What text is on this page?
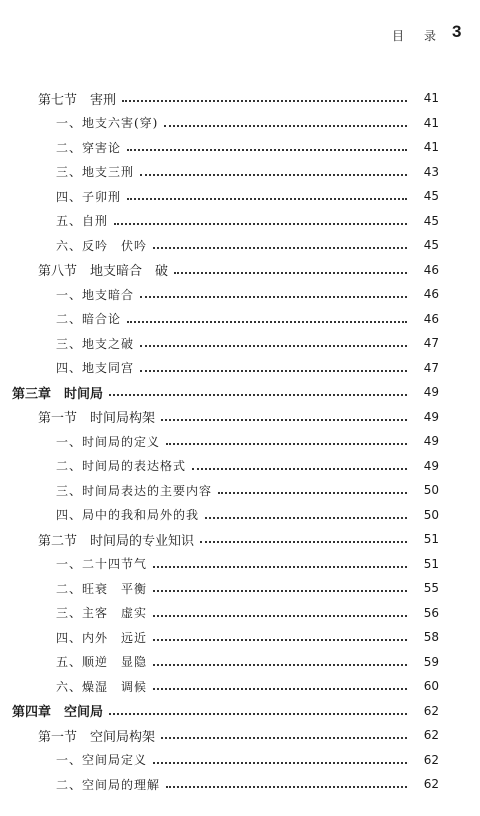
目录
3
第七节　害刑	41
一、地支六害(穿)	41
二、穿害论	41
三、地支三刑	43
四、子卯刑	45
五、自刑	45
六、反吟　伏吟	45
第八节　地支暗合　破	46
一、地支暗合	46
二、暗合论	46
三、地支之破	47
四、地支同宫	47
第三章　时间局	49
第一节　时间局构架	49
一、时间局的定义	49
二、时间局的表达格式	49
三、时间局表达的主要内容	50
四、局中的我和局外的我	50
第二节　时间局的专业知识	51
一、二十四节气	51
二、旺衰　平衡	55
三、主客　虚实	56
四、内外　远近	58
五、顺逆　显隐	59
六、燥湿　调候	60
第四章　空间局	62
第一节　空间局构架	62
一、空间局定义	62
二、空间局的理解	62
